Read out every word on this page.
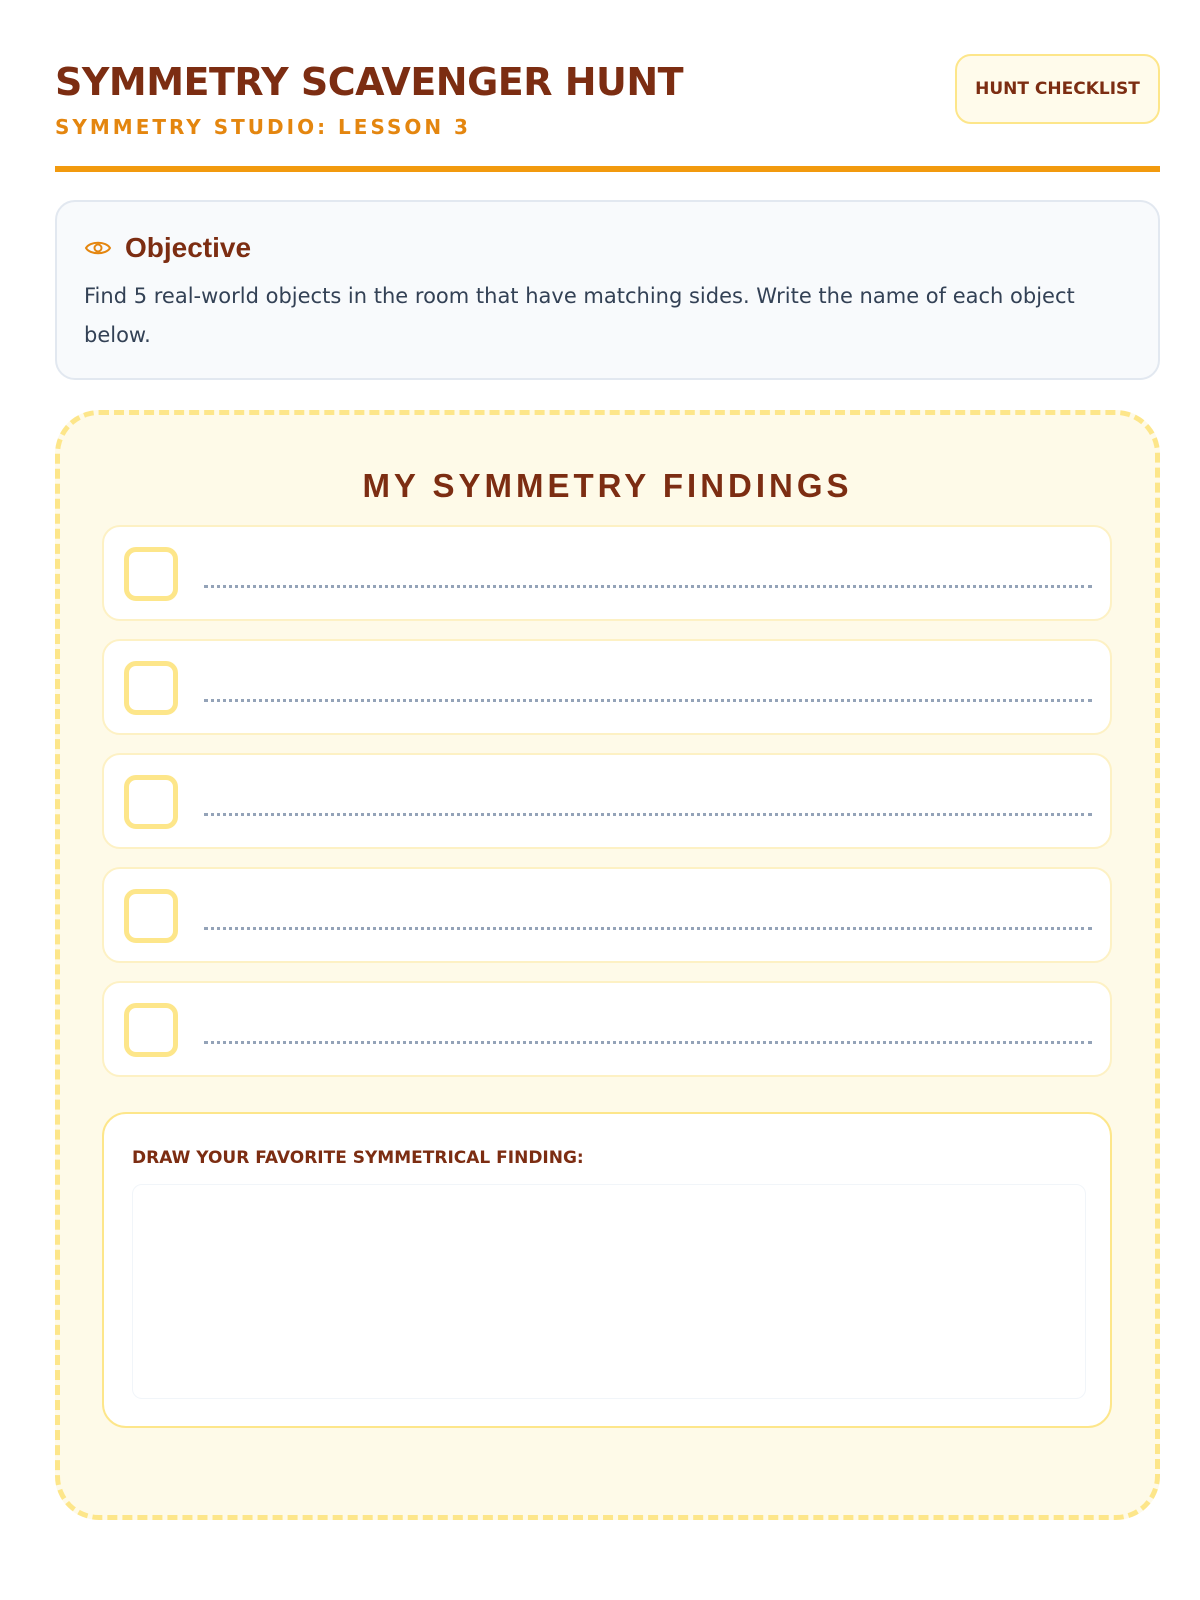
SYMMETRY SCAVENGER HUNT
SYMMETRY STUDIO: LESSON 3
HUNT CHECKLIST
Objective
Find 5 real-world objects in the room that have matching sides. Write the name of each object below.
MY SYMMETRY FINDINGS
DRAW YOUR FAVORITE SYMMETRICAL FINDING:
